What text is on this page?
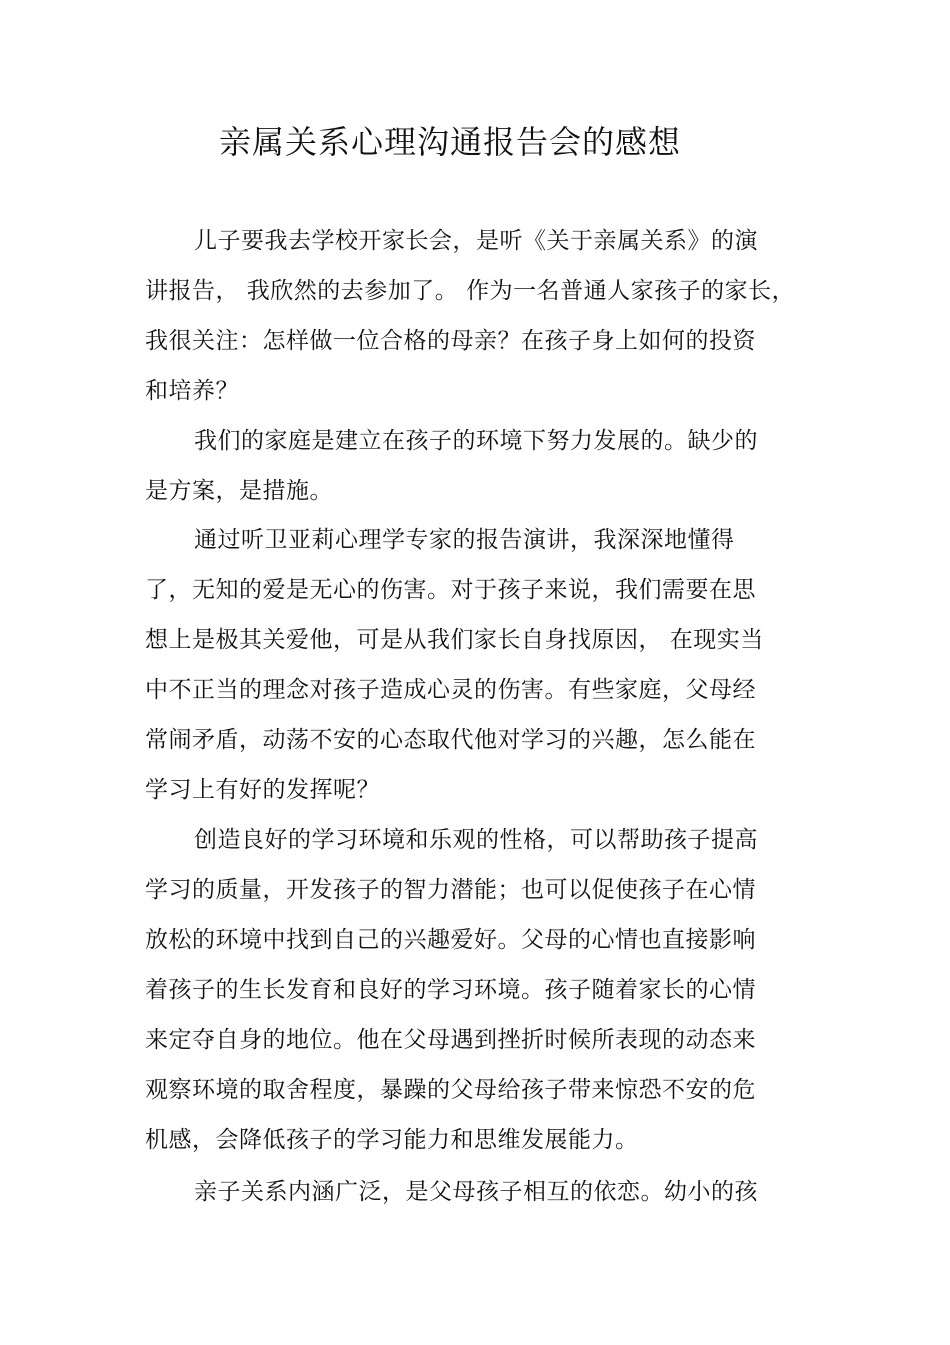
亲属关系心理沟通报告会的感想
儿子要我去学校开家长会，是听《关于亲属关系》的演
讲报告， 我欣然的去参加了。 作为一名普通人家孩子的家长，
我很关注：怎样做一位合格的母亲？在孩子身上如何的投资
和培养？
我们的家庭是建立在孩子的环境下努力发展的。缺少的
是方案，是措施。
通过听卫亚莉心理学专家的报告演讲，我深深地懂得
了，无知的爱是无心的伤害。对于孩子来说，我们需要在思
想上是极其关爱他，可是从我们家长自身找原因， 在现实当
中不正当的理念对孩子造成心灵的伤害。有些家庭，父母经
常闹矛盾，动荡不安的心态取代他对学习的兴趣，怎么能在
学习上有好的发挥呢？
创造良好的学习环境和乐观的性格，可以帮助孩子提高
学习的质量，开发孩子的智力潜能；也可以促使孩子在心情
放松的环境中找到自己的兴趣爱好。父母的心情也直接影响
着孩子的生长发育和良好的学习环境。孩子随着家长的心情
来定夺自身的地位。他在父母遇到挫折时候所表现的动态来
观察环境的取舍程度，暴躁的父母给孩子带来惊恐不安的危
机感，会降低孩子的学习能力和思维发展能力。
亲子关系内涵广泛，是父母孩子相互的依恋。幼小的孩
